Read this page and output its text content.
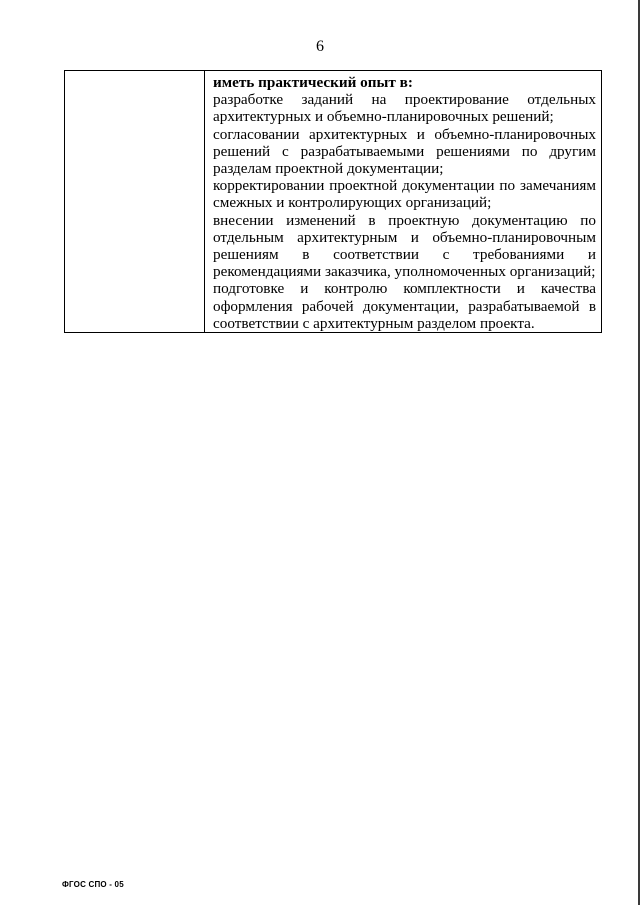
6
иметь практический опыт в:
разработке заданий на проектирование отдельных архитектурных и объемно-планировочных решений;
согласовании архитектурных и объемно-планировочных решений с разрабатываемыми решениями по другим разделам проектной документации;
корректировании проектной документации по замечаниям смежных и контролирующих организаций;
внесении изменений в проектную документацию по отдельным архитектурным и объемно-планировочным решениям в соответствии с требованиями и рекомендациями заказчика, уполномоченных организаций;
подготовке и контролю комплектности и качества оформления рабочей документации, разрабатываемой в соответствии с архитектурным разделом проекта.
ФГОС СПО - 05
